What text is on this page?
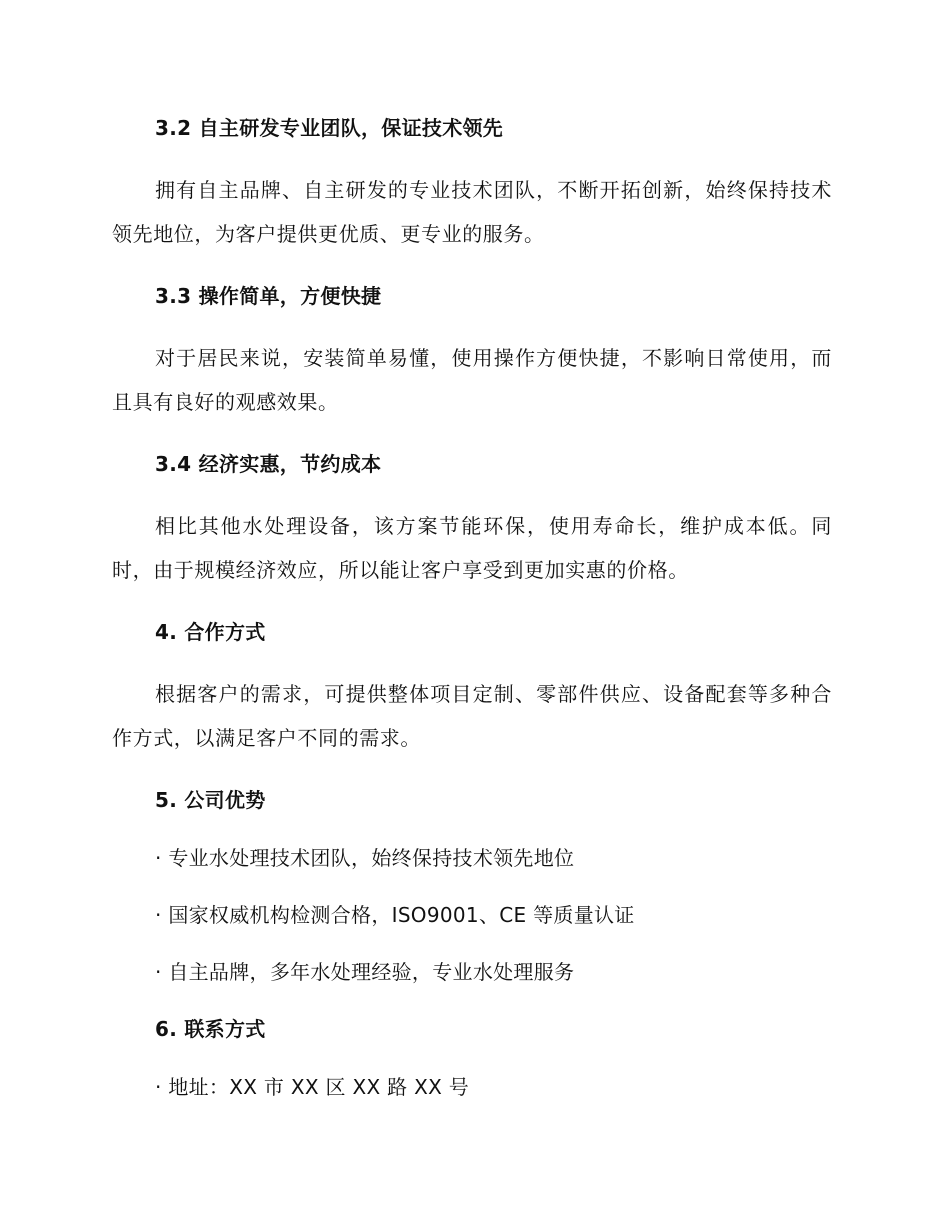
3.2 自主研发专业团队，保证技术领先
拥有自主品牌、自主研发的专业技术团队，不断开拓创新，始终保持技术领先地位，为客户提供更优质、更专业的服务。
3.3 操作简单，方便快捷
对于居民来说，安装简单易懂，使用操作方便快捷，不影响日常使用，而且具有良好的观感效果。
3.4 经济实惠，节约成本
相比其他水处理设备，该方案节能环保，使用寿命长，维护成本低。同时，由于规模经济效应，所以能让客户享受到更加实惠的价格。
4. 合作方式
根据客户的需求，可提供整体项目定制、零部件供应、设备配套等多种合作方式，以满足客户不同的需求。
5. 公司优势
· 专业水处理技术团队，始终保持技术领先地位
· 国家权威机构检测合格，ISO9001、CE 等质量认证
· 自主品牌，多年水处理经验，专业水处理服务
6. 联系方式
· 地址：XX 市 XX 区 XX 路 XX 号
